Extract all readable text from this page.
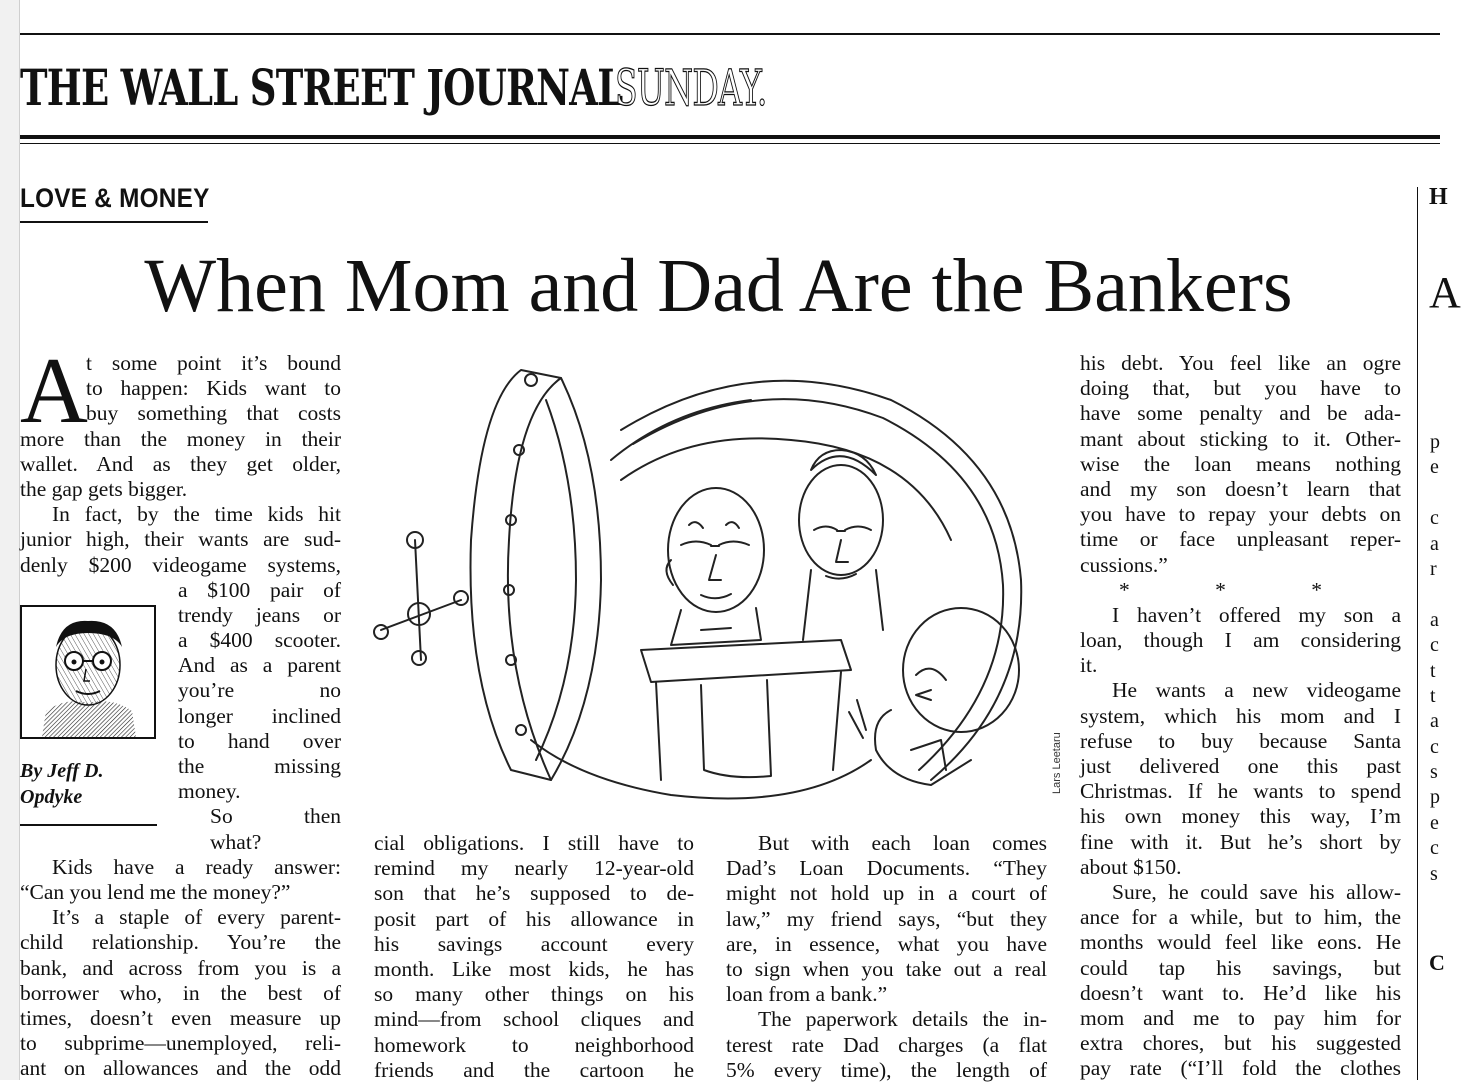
THE WALL STREET JOURNAL
SUNDAY.
LOVE & MONEY
When Mom and Dad Are the Bankers
A
t some point it’s bound
to happen: Kids want to
buy something that costs
more than the money in their
wallet. And as they get older,
the gap gets bigger.
In fact, by the time kids hit
junior high, their wants are sud-
denly $200 videogame systems,
a $100 pair of
trendy jeans or
a $400 scooter.
And as a parent
you’re no
longer inclined
to hand over
the missing
money.
So then
what?
Kids have a ready answer:
“Can you lend me the money?”
It’s a staple of every parent-
child relationship. You’re the
bank, and across from you is a
borrower who, in the best of
times, doesn’t even measure up
to subprime—unemployed, reli-
ant on allowances and the odd
By Jeff D.
Opdyke
Lars Leetaru
cial obligations. I still have to
remind my nearly 12-year-old
son that he’s supposed to de-
posit part of his allowance in
his savings account every
month. Like most kids, he has
so many other things on his
mind—from school cliques and
homework to neighborhood
friends and the cartoon he
But with each loan comes
Dad’s Loan Documents. “They
might not hold up in a court of
law,” my friend says, “but they
are, in essence, what you have
to sign when you take out a real
loan from a bank.”
The paperwork details the in-
terest rate Dad charges (a flat
5% every time), the length of
his debt. You feel like an ogre
doing that, but you have to
have some penalty and be ada-
mant about sticking to it. Other-
wise the loan means nothing
and my son doesn’t learn that
you have to repay your debts on
time or face unpleasant reper-
cussions.”
* * *
I haven’t offered my son a
loan, though I am considering
it.
He wants a new videogame
system, which his mom and I
refuse to buy because Santa
just delivered one this past
Christmas. If he wants to spend
his own money this way, I’m
fine with it. But he’s short by
about $150.
Sure, he could save his allow-
ance for a while, but to him, the
months would feel like eons. He
could tap his savings, but
doesn’t want to. He’d like his
mom and me to pay him for
extra chores, but his suggested
pay rate (“I’ll fold the clothes
H
A
p
e
c
a
r
a
c
t
t
a
c
s
p
e
c
s
C
